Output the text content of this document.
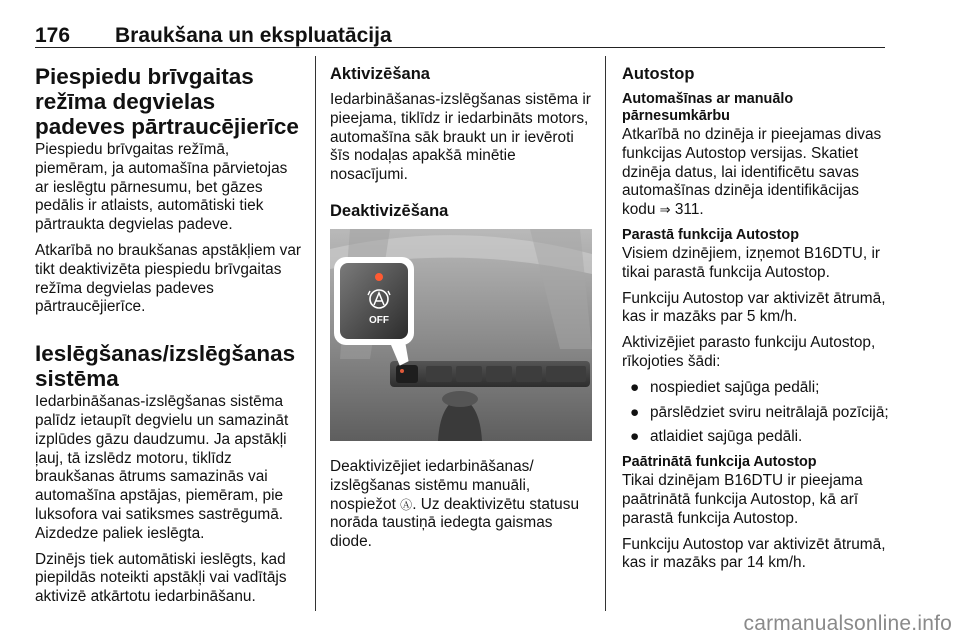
176 Braukšana un ekspluatācija
Piespiedu brīvgaitas režīma degvielas padeves pārtraucējierīce

Piespiedu brīvgaitas režīmā, piemēram, ja automašīna pārvietojas ar ieslēgtu pārnesumu, bet gāzes pedālis ir atlaists, automātiski tiek pārtraukta degvielas padeve.

Atkarībā no braukšanas apstākļiem var tikt deaktivizēta piespiedu brīvgaitas režīma degvielas padeves pārtraucējierīce.

Ieslēgšanas/izslēgšanas sistēma

Iedarbināšanas-izslēgšanas sistēma palīdz ietaupīt degvielu un samazināt izplūdes gāzu daudzumu. Ja apstākļi ļauj, tā izslēdz motoru, tiklīdz braukšanas ātrums samazinās vai automašīna apstājas, piemēram, pie luksofora vai satiksmes sastrēgumā. Aizdedze paliek ieslēgta.

Dzinējs tiek automātiski ieslēgts, kad piepildās noteikti apstākļi vai vadītājs aktivizē atkārtotu iedarbināšanu.

Aktivizēšana

Iedarbināšanas-izslēgšanas sistēma ir pieejama, tiklīdz ir iedarbināts motors, automašīna sāk braukt un ir ievēroti šīs nodaļas apakšā minētie nosacījumi.

Deaktivizēšana
OFF

Deaktivizējiet iedarbināšanas/ izslēgšanas sistēmu manuāli, nospiežot Ⓐ. Uz deaktivizētu statusu norāda taustiņā iedegta gaismas diode.

Autostop
Automašīnas ar manuālo pārnesumkārbu

Atkarībā no dzinēja ir pieejamas divas funkcijas Autostop versijas. Skatiet dzinēja datus, lai identificētu savas automašīnas dzinēja identifikācijas kodu ⇒ 311.

Parastā funkcija Autostop

Visiem dzinējiem, izņemot B16DTU, ir tikai parastā funkcija Autostop.

Funkciju Autostop var aktivizēt ātrumā, kas ir mazāks par 5 km/h.

Aktivizējiet parasto funkciju Autostop, rīkojoties šādi:

● nospiediet sajūga pedāli;
● pārslēdziet sviru neitrālajā pozīcijā;
● atlaidiet sajūga pedāli.
Paātrinātā funkcija Autostop

Tikai dzinējam B16DTU ir pieejama paātrinātā funkcija Autostop, kā arī parastā funkcija Autostop.

Funkciju Autostop var aktivizēt ātrumā, kas ir mazāks par 14 km/h.

carmanualsonline.info
